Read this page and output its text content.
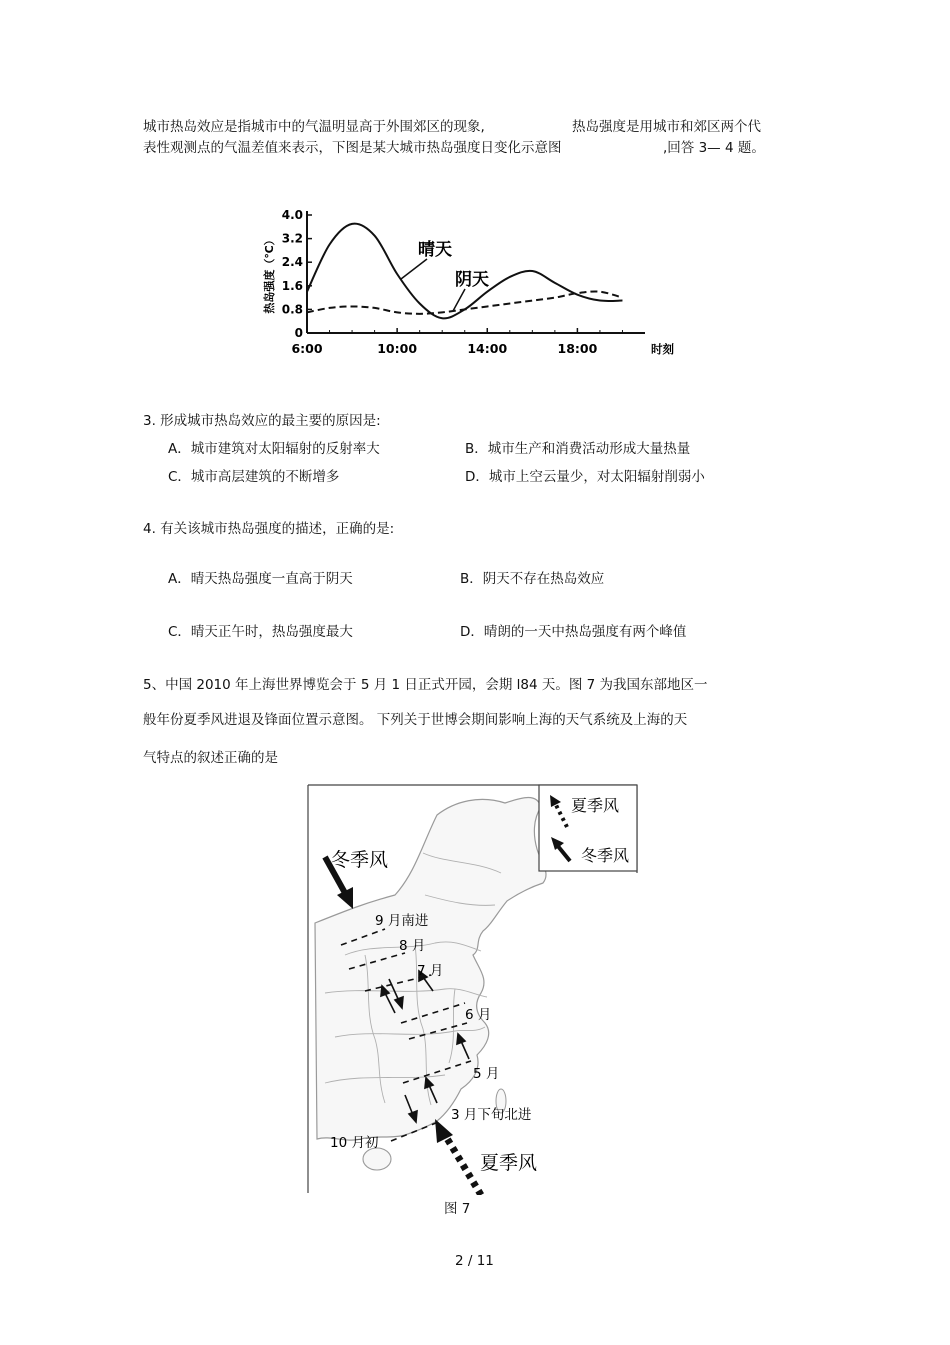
城市热岛效应是指城市中的气温明显高于外围郊区的现象,	热岛强度是用城市和郊区两个代
表性观测点的气温差值来表示，下图是某大城市热岛强度日变化示意图	,回答 3— 4 题。
0
0.8
1.6
2.4
3.2
4.0
6:00	10:00	14:00	18:00	时刻
热岛强度（℃）	晴天
阴天
3. 形成城市热岛效应的最主要的原因是:
A．城市建筑对太阳辐射的反射率大	B．城市生产和消费活动形成大量热量
C．城市高层建筑的不断增多	D．城市上空云量少，对太阳辐射削弱小
4. 有关该城市热岛强度的描述，正确的是:
A．晴天热岛强度一直高于阴天	B．阴天不存在热岛效应
C．晴天正午时，热岛强度最大	D．晴朗的一天中热岛强度有两个峰值
5、中国 2010 年上海世界博览会于 5 月 1 日正式开园，会期 l84 天。图 7 为我国东部地区一
般年份夏季风进退及锋面位置示意图。 下列关于世博会期间影响上海的天气系统及上海的天
气特点的叙述正确的是
夏季风
冬季风
冬季风
夏季风
9 月南进
8 月
7 月
6 月
5 月
3 月下旬北进
10 月初
图 7
2 / 11
